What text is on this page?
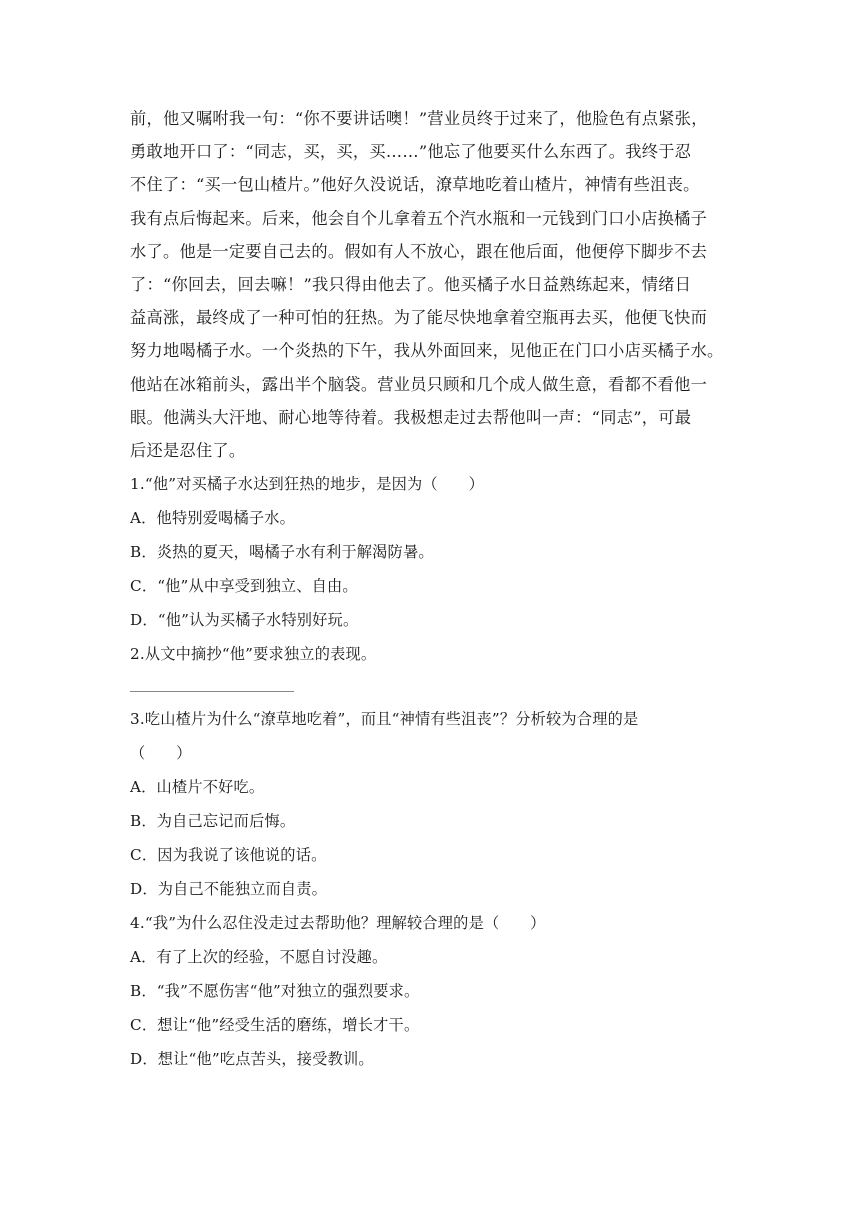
前，他又嘱咐我一句：“你不要讲话噢！”营业员终于过来了，他脸色有点紧张，

勇敢地开口了：“同志，买，买，买……”他忘了他要买什么东西了。我终于忍

不住了：“买一包山楂片。”他好久没说话，潦草地吃着山楂片，神情有些沮丧。

我有点后悔起来。后来，他会自个儿拿着五个汽水瓶和一元钱到门口小店换橘子

水了。他是一定要自己去的。假如有人不放心，跟在他后面，他便停下脚步不去

了：“你回去，回去嘛！”我只得由他去了。他买橘子水日益熟练起来，情绪日

益高涨，最终成了一种可怕的狂热。为了能尽快地拿着空瓶再去买，他便飞快而

努力地喝橘子水。一个炎热的下午，我从外面回来，见他正在门口小店买橘子水。

他站在冰箱前头，露出半个脑袋。营业员只顾和几个成人做生意，看都不看他一

眼。他满头大汗地、耐心地等待着。我极想走过去帮他叫一声：“同志”，可最

后还是忍住了。

1.“他”对买橘子水达到狂热的地步，是因为（　　）

A．他特别爱喝橘子水。

B．炎热的夏天，喝橘子水有利于解渴防暑。

C．“他”从中享受到独立、自由。

D．“他”认为买橘子水特别好玩。

2.从文中摘抄“他”要求独立的表现。

3.吃山楂片为什么“潦草地吃着”，而且“神情有些沮丧”？分析较为合理的是

（　　）

A．山楂片不好吃。

B．为自己忘记而后悔。

C．因为我说了该他说的话。

D．为自己不能独立而自责。

4.“我”为什么忍住没走过去帮助他？理解较合理的是（　　）

A．有了上次的经验，不愿自讨没趣。

B．“我”不愿伤害“他”对独立的强烈要求。

C．想让“他”经受生活的磨练，增长才干。

D．想让“他”吃点苦头，接受教训。
